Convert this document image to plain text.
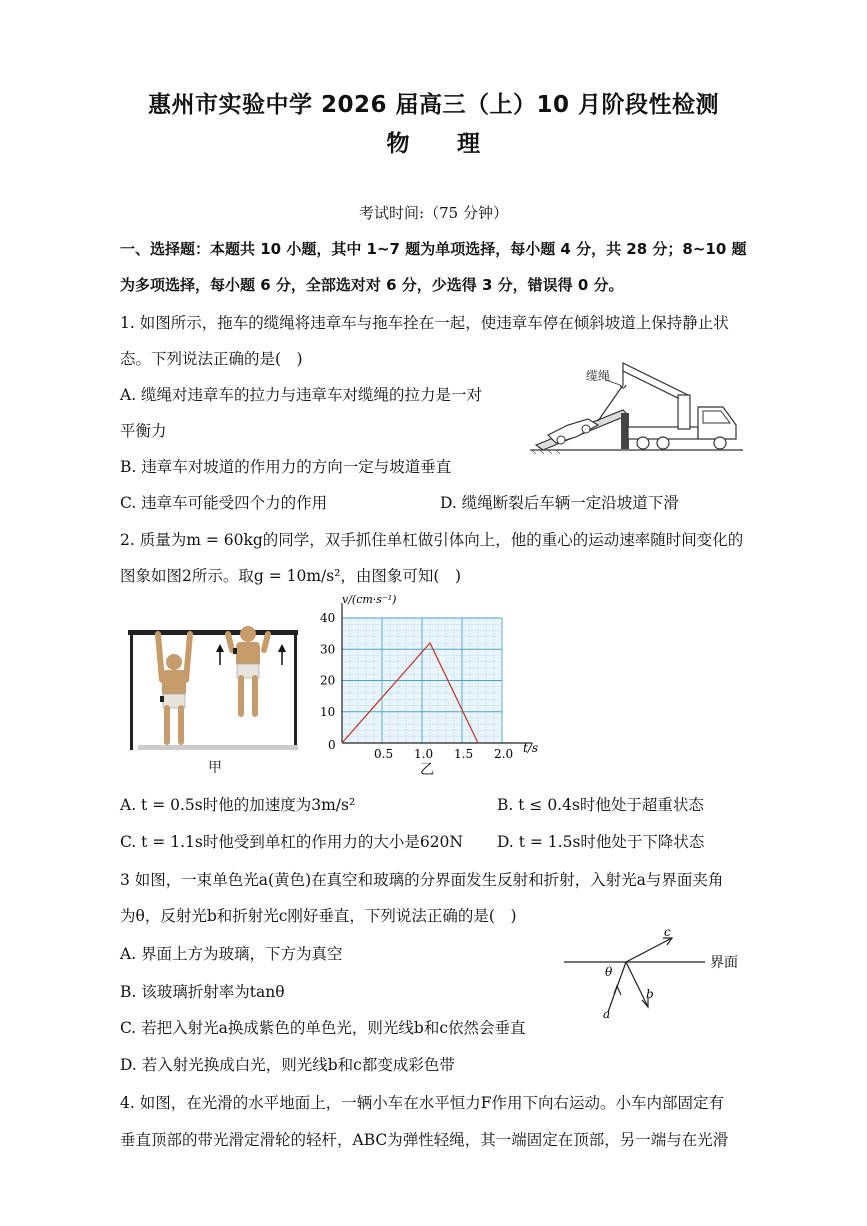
惠州市实验中学 2026 届高三（上）10 月阶段性检测
物　　理
考试时间:（75 分钟）
一、选择题：本题共 10 小题，其中 1~7 题为单项选择，每小题 4 分，共 28 分；8~10 题
为多项选择，每小题 6 分，全部选对对 6 分，少选得 3 分，错误得 0 分。
1. 如图所示，拖车的缆绳将违章车与拖车拴在一起，使违章车停在倾斜坡道上保持静止状
态。下列说法正确的是(　)
A. 缆绳对违章车的拉力与违章车对缆绳的拉力是一对
平衡力
B. 违章车对坡道的作用力的方向一定与坡道垂直
C. 违章车可能受四个力的作用	D. 缆绳断裂后车辆一定沿坡道下滑
缆绳
2. 质量为m = 60kg的同学，双手抓住单杠做引体向上，他的重心的运动速率随时间变化的
图象如图2所示。取g = 10m/s²，由图象可知(　)
甲
0.5 1.0 1.5 2.0
10
20
30
40
0
v/(cm·s⁻¹)
t/s
乙
A. t = 0.5s时他的加速度为3m/s²	B. t ≤ 0.4s时他处于超重状态
C. t = 1.1s时他受到单杠的作用力的大小是620N D. t = 1.5s时他处于下降状态
3 如图，一束单色光a(黄色)在真空和玻璃的分界面发生反射和折射，入射光a与界面夹角
为θ，反射光b和折射光c刚好垂直，下列说法正确的是(　)
A. 界面上方为玻璃，下方为真空
B. 该玻璃折射率为tanθ
C. 若把入射光a换成紫色的单色光，则光线b和c依然会垂直
D. 若入射光换成白光，则光线b和c都变成彩色带
θ
a
b
c
界面
4. 如图，在光滑的水平地面上，一辆小车在水平恒力F作用下向右运动。小车内部固定有
垂直顶部的带光滑定滑轮的轻杆，ABC为弹性轻绳，其一端固定在顶部，另一端与在光滑
